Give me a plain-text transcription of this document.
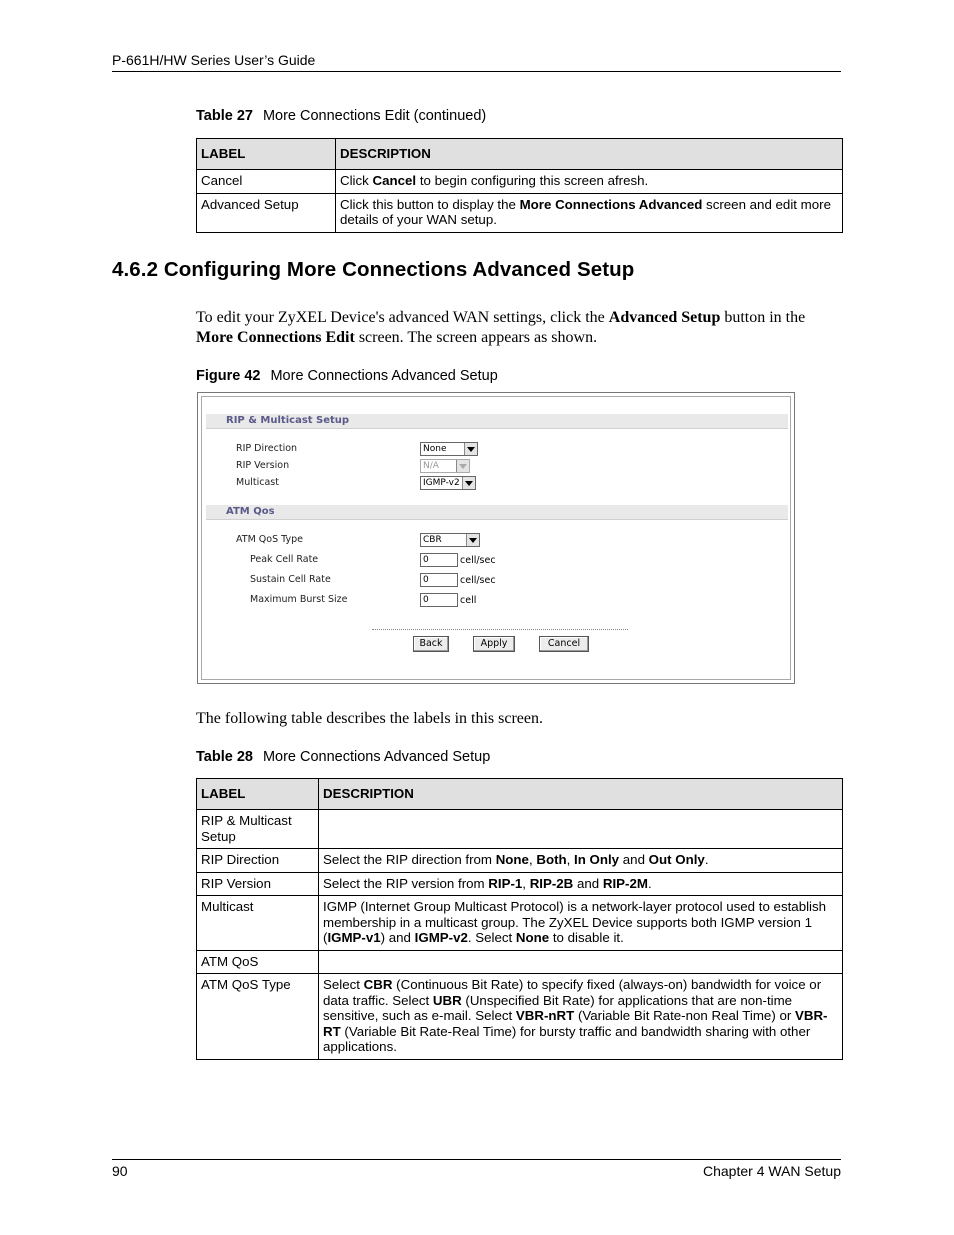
P-661H/HW Series User’s Guide
Table 27 More Connections Edit (continued)
LABEL	DESCRIPTION
Cancel	Click Cancel to begin configuring this screen afresh.
Advanced Setup	Click this button to display the More Connections Advanced screen and edit more details of your WAN setup.
4.6.2 Configuring More Connections Advanced Setup
To edit your ZyXEL Device's advanced WAN settings, click the Advanced Setup button in the More Connections Edit screen. The screen appears as shown.
Figure 42 More Connections Advanced Setup
RIP & Multicast Setup
RIP Direction	None
RIP Version	N/A
Multicast	IGMP-v2
ATM Qos
ATM QoS Type	CBR
Peak Cell Rate	0	cell/sec
Sustain Cell Rate	0	cell/sec
Maximum Burst Size	0	cell
Back	Apply	Cancel
The following table describes the labels in this screen.
Table 28 More Connections Advanced Setup
LABEL	DESCRIPTION
RIP & Multicast Setup	
RIP Direction	Select the RIP direction from None, Both, In Only and Out Only.
RIP Version	Select the RIP version from RIP-1, RIP-2B and RIP-2M.
Multicast	IGMP (Internet Group Multicast Protocol) is a network-layer protocol used to establish membership in a multicast group. The ZyXEL Device supports both IGMP version 1 (IGMP-v1) and IGMP-v2. Select None to disable it.
ATM QoS	
ATM QoS Type	Select CBR (Continuous Bit Rate) to specify fixed (always-on) bandwidth for voice or data traffic. Select UBR (Unspecified Bit Rate) for applications that are non-time sensitive, such as e-mail. Select VBR-nRT (Variable Bit Rate-non Real Time) or VBR-RT (Variable Bit Rate-Real Time) for bursty traffic and bandwidth sharing with other applications.
90	Chapter 4 WAN Setup
